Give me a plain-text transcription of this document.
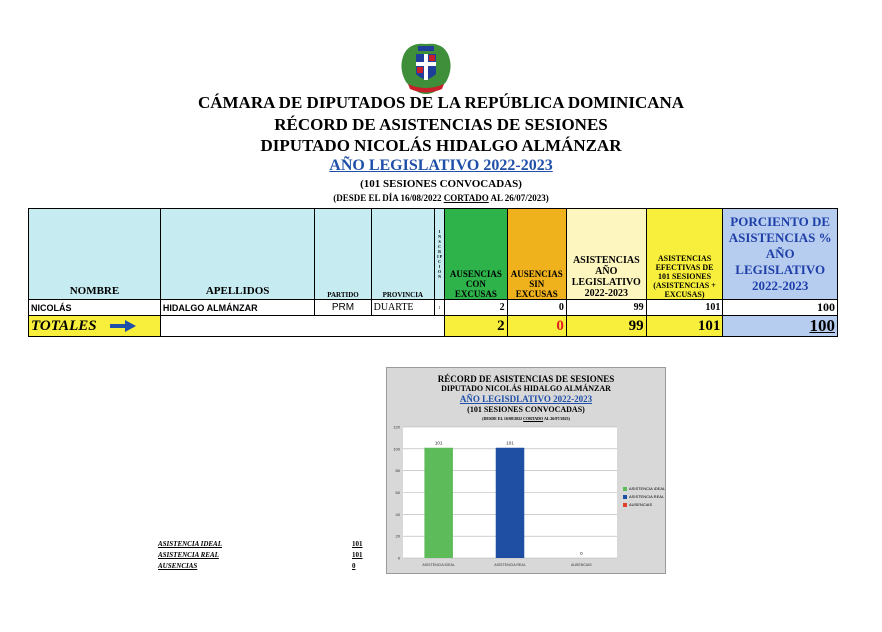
CÁMARA DE DIPUTADOS DE LA REPÚBLICA DOMINICANA
RÉCORD DE ASISTENCIAS DE SESIONES
DIPUTADO NICOLÁS HIDALGO ALMÁNZAR
AÑO LEGISLATIVO 2022-2023
(101 SESIONES CONVOCADAS)
(DESDE EL DÍA 16/08/2022 CORTADO AL 26/07/2023)
NOMBRE	APELLIDOS	PARTIDO	PROVINCIA	I N S C R I P C I O N	AUSENCIAS CON EXCUSAS	AUSENCIAS SIN EXCUSAS	ASISTENCIAS AÑO LEGISLATIVO 2022-2023	ASISTENCIAS EFECTIVAS DE 101 SESIONES (ASISTENCIAS + EXCUSAS)	PORCIENTO DE ASISTENCIAS % AÑO LEGISLATIVO 2022-2023
NICOLÁS	HIDALGO ALMÁNZAR	PRM	DUARTE	1	2	0	99	101	100
TOTALES					2	0	99	101	100
RÉCORD DE ASISTENCIAS DE SESIONES
DIPUTADO NICOLÁS HIDALGO ALMÁNZAR
AÑO LEGISDLATIVO 2022-2023
(101 SESIONES CONVOCADAS)
(DESDE EL 16/08/2022 CORTADO AL 26/07/2023)
0
20
40
60
80
100
120
101
ASISTENCIA IDEAL
101
ASISTENCIA REAL
0
AUSENCIAS
ASISTENCIA IDEAL
ASISTENCIA REAL
AUSENCIAS
ASISTENCIA IDEAL	101
ASISTENCIA REAL	101
AUSENCIAS	0
